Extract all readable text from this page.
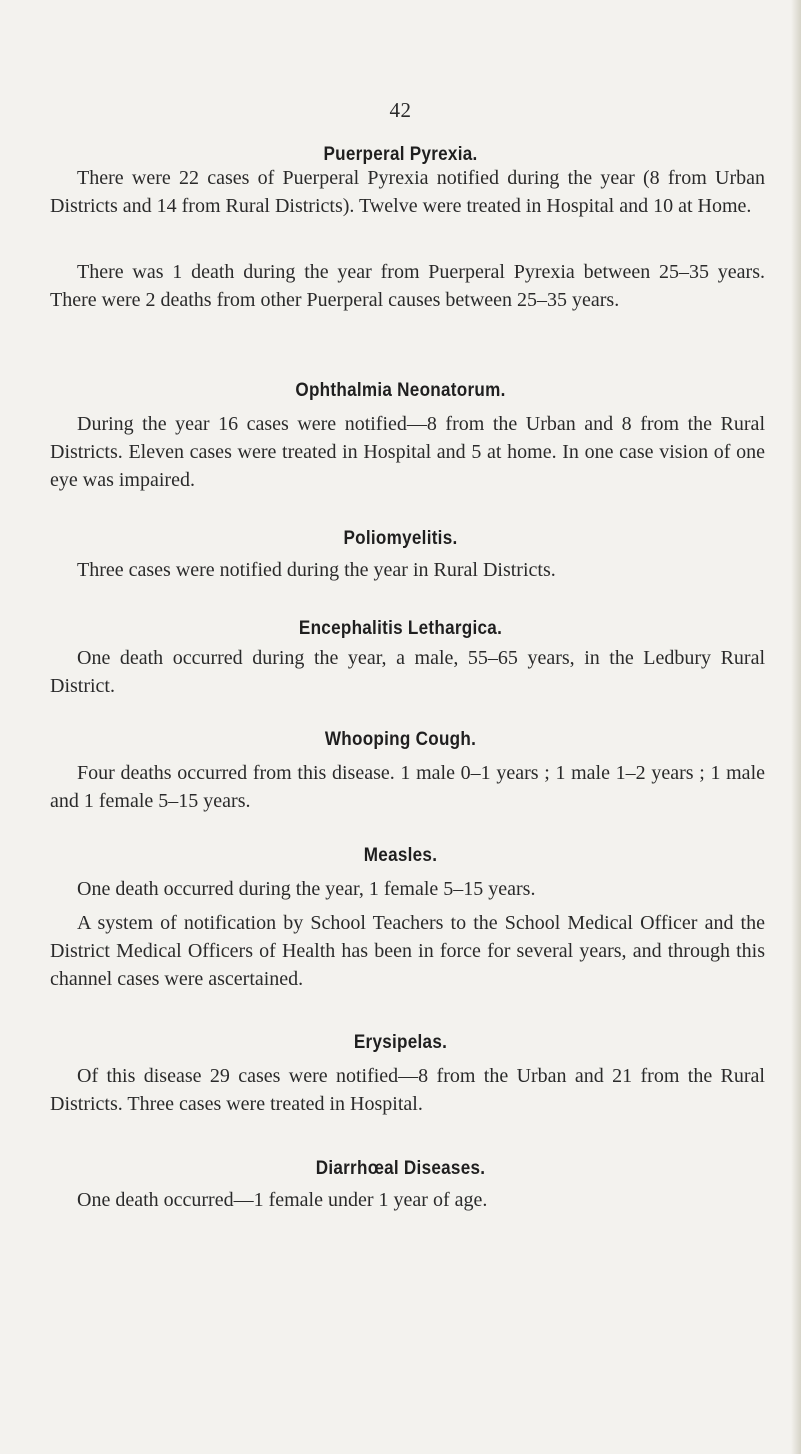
42
Puerperal Pyrexia.

There were 22 cases of Puerperal Pyrexia notified during the year (8 from Urban Districts and 14 from Rural Districts). Twelve were treated in Hospital and 10 at Home.

There was 1 death during the year from Puerperal Pyrexia between 25–35 years. There were 2 deaths from other Puerperal causes between 25–35 years.

Ophthalmia Neonatorum.

During the year 16 cases were notified—8 from the Urban and 8 from the Rural Districts. Eleven cases were treated in Hospital and 5 at home. In one case vision of one eye was impaired.

Poliomyelitis.

Three cases were notified during the year in Rural Districts.

Encephalitis Lethargica.

One death occurred during the year, a male, 55–65 years, in the Ledbury Rural District.

Whooping Cough.

Four deaths occurred from this disease. 1 male 0–1 years ; 1 male 1–2 years ; 1 male and 1 female 5–15 years.

Measles.

One death occurred during the year, 1 female 5–15 years.

A system of notification by School Teachers to the School Medical Officer and the District Medical Officers of Health has been in force for several years, and through this channel cases were ascertained.

Erysipelas.

Of this disease 29 cases were notified—8 from the Urban and 21 from the Rural Districts. Three cases were treated in Hospital.

Diarrhœal Diseases.

One death occurred—1 female under 1 year of age.
